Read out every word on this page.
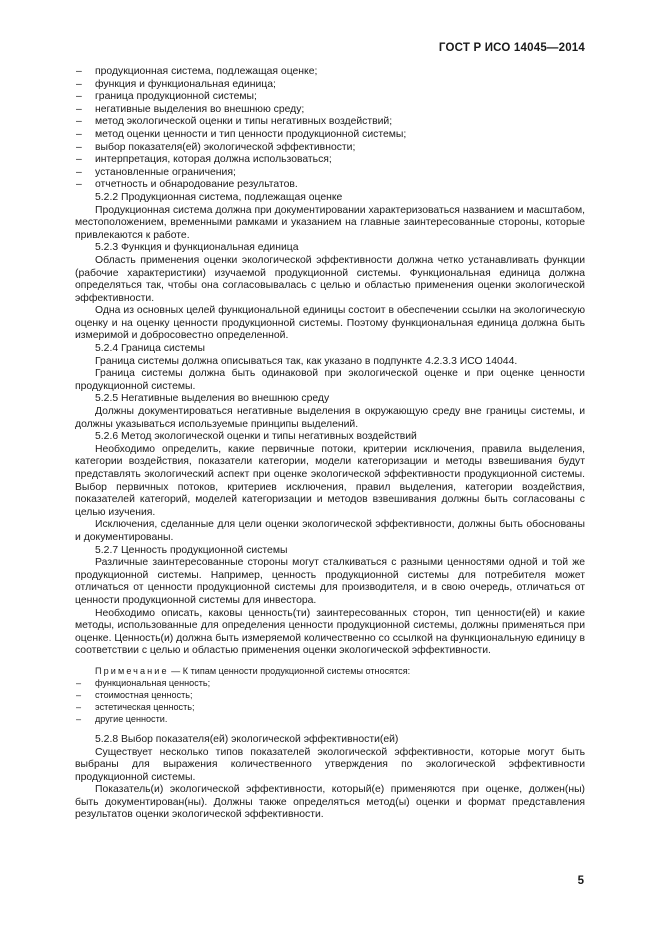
ГОСТ Р ИСО 14045—2014
– продукционная система, подлежащая оценке;
– функция и функциональная единица;
– граница продукционной системы;
– негативные выделения во внешнюю среду;
– метод экологической оценки и типы негативных воздействий;
– метод оценки ценности и тип ценности продукционной системы;
– выбор показателя(ей) экологической эффективности;
– интерпретация, которая должна использоваться;
– установленные ограничения;
– отчетность и обнародование результатов.

5.2.2 Продукционная система, подлежащая оценке

Продукционная система должна при документировании характеризоваться названием и масштабом, местоположением, временными рамками и указанием на главные заинтересованные стороны, которые привлекаются к работе.

5.2.3 Функция и функциональная единица

Область применения оценки экологической эффективности должна четко устанавливать функции (рабочие характеристики) изучаемой продукционной системы. Функциональная единица должна определяться так, чтобы она согласовывалась с целью и областью применения оценки экологической эффективности.

Одна из основных целей функциональной единицы состоит в обеспечении ссылки на экологическую оценку и на оценку ценности продукционной системы. Поэтому функциональная единица должна быть измеримой и добросовестно определенной.

5.2.4 Граница системы

Граница системы должна описываться так, как указано в подпункте 4.2.3.3 ИСО 14044.

Граница системы должна быть одинаковой при экологической оценке и при оценке ценности продукционной системы.

5.2.5 Негативные выделения во внешнюю среду

Должны документироваться негативные выделения в окружающую среду вне границы системы, и должны указываться используемые принципы выделений.

5.2.6 Метод экологической оценки и типы негативных воздействий

Необходимо определить, какие первичные потоки, критерии исключения, правила выделения, категории воздействия, показатели категории, модели категоризации и методы взвешивания будут представлять экологический аспект при оценке экологической эффективности продукционной системы. Выбор первичных потоков, критериев исключения, правил выделения, категории воздействия, показателей категорий, моделей категоризации и методов взвешивания должны быть согласованы с целью изучения.

Исключения, сделанные для цели оценки экологической эффективности, должны быть обоснованы и документированы.

5.2.7 Ценность продукционной системы

Различные заинтересованные стороны могут сталкиваться с разными ценностями одной и той же продукционной системы. Например, ценность продукционной системы для потребителя может отличаться от ценности продукционной системы для производителя, и в свою очередь, отличаться от ценности продукционной системы для инвестора.

Необходимо описать, каковы ценность(ти) заинтересованных сторон, тип ценности(ей) и какие методы, использованные для определения ценности продукционной системы, должны применяться при оценке. Ценность(и) должна быть измеряемой количественно со ссылкой на функциональную единицу в соответствии с целью и областью применения оценки экологической эффективности.

Примечание — К типам ценности продукционной системы относятся:

– функциональная ценность;
– стоимостная ценность;
– эстетическая ценность;
– другие ценности.

5.2.8 Выбор показателя(ей) экологической эффективности(ей)

Существует несколько типов показателей экологической эффективности, которые могут быть выбраны для выражения количественного утверждения по экологической эффективности продукционной системы.

Показатель(и) экологической эффективности, который(е) применяются при оценке, должен(ны) быть документирован(ны). Должны также определяться метод(ы) оценки и формат представления результатов оценки экологической эффективности.

5
